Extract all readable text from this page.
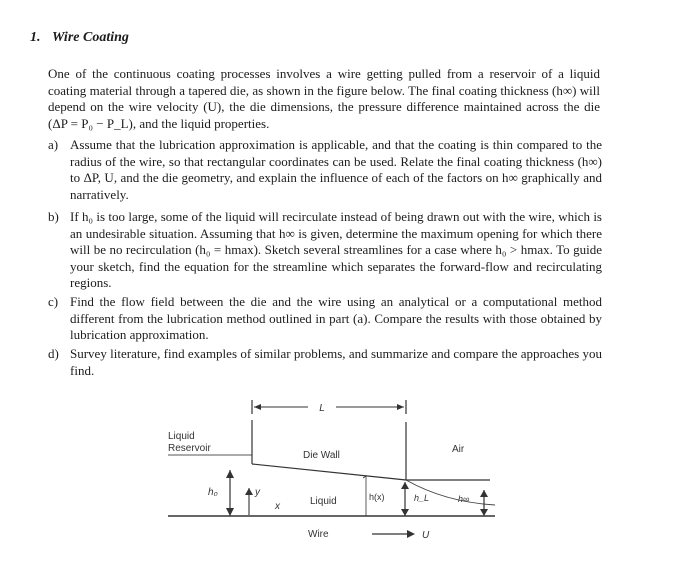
1. Wire Coating
One of the continuous coating processes involves a wire getting pulled from a reservoir of a liquid coating material through a tapered die, as shown in the figure below. The final coating thickness (h∞) will depend on the wire velocity (U), the die dimensions, the pressure difference maintained across the die (ΔP = P₀ − P_L), and the liquid properties.
a) Assume that the lubrication approximation is applicable, and that the coating is thin compared to the radius of the wire, so that rectangular coordinates can be used. Relate the final coating thickness (h∞) to ΔP, U, and the die geometry, and explain the influence of each of the factors on h∞ graphically and narratively.
b) If h₀ is too large, some of the liquid will recirculate instead of being drawn out with the wire, which is an undesirable situation. Assuming that h∞ is given, determine the maximum opening for which there will be no recirculation (h₀ = hmax). Sketch several streamlines for a case where h₀ > hmax. To guide your sketch, find the equation for the streamline which separates the forward-flow and recirculating regions.
c) Find the flow field between the die and the wire using an analytical or a computational method different from the lubrication method outlined in part (a). Compare the results with those obtained by lubrication approximation.
d) Survey literature, find examples of similar problems, and summarize and compare the approaches you find.
L
Liquid
Reservoir
Die Wall
Air
h₀	y
x	Liquid	h(x)	h_L	h∞
Wire	U
